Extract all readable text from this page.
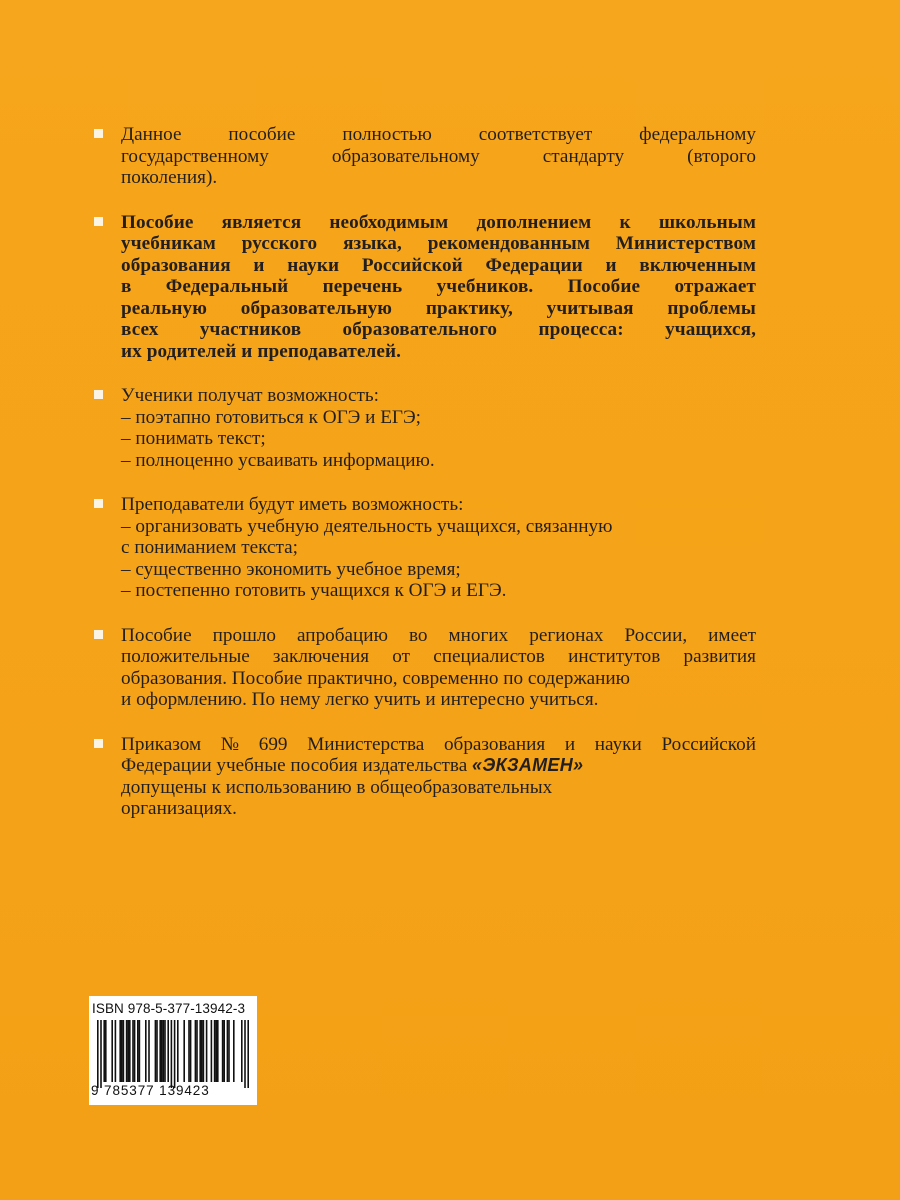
Данное пособие полностью соответствует федеральному
государственному образовательному стандарту (второго
поколения).
Пособие является необходимым дополнением к школьным
учебникам русского языка, рекомендованным Министерством
образования и науки Российской Федерации и включенным
в Федеральный перечень учебников. Пособие отражает
реальную образовательную практику, учитывая проблемы
всех участников образовательного процесса: учащихся,
их родителей и преподавателей.
Ученики получат возможность:
– поэтапно готовиться к ОГЭ и ЕГЭ;
– понимать текст;
– полноценно усваивать информацию.
Преподаватели будут иметь возможность:
– организовать учебную деятельность учащихся, связанную
с пониманием текста;
– существенно экономить учебное время;
– постепенно готовить учащихся к ОГЭ и ЕГЭ.
Пособие прошло апробацию во многих регионах России, имеет
положительные заключения от специалистов институтов развития
образования. Пособие практично, современно по содержанию
и оформлению. По нему легко учить и интересно учиться.
Приказом № 699 Министерства образования и науки Российской
Федерации учебные пособия издательства «ЭКЗАМЕН»
допущены к использованию в общеобразовательных
организациях.
ISBN 978-5-377-13942-3
9 785377 139423
